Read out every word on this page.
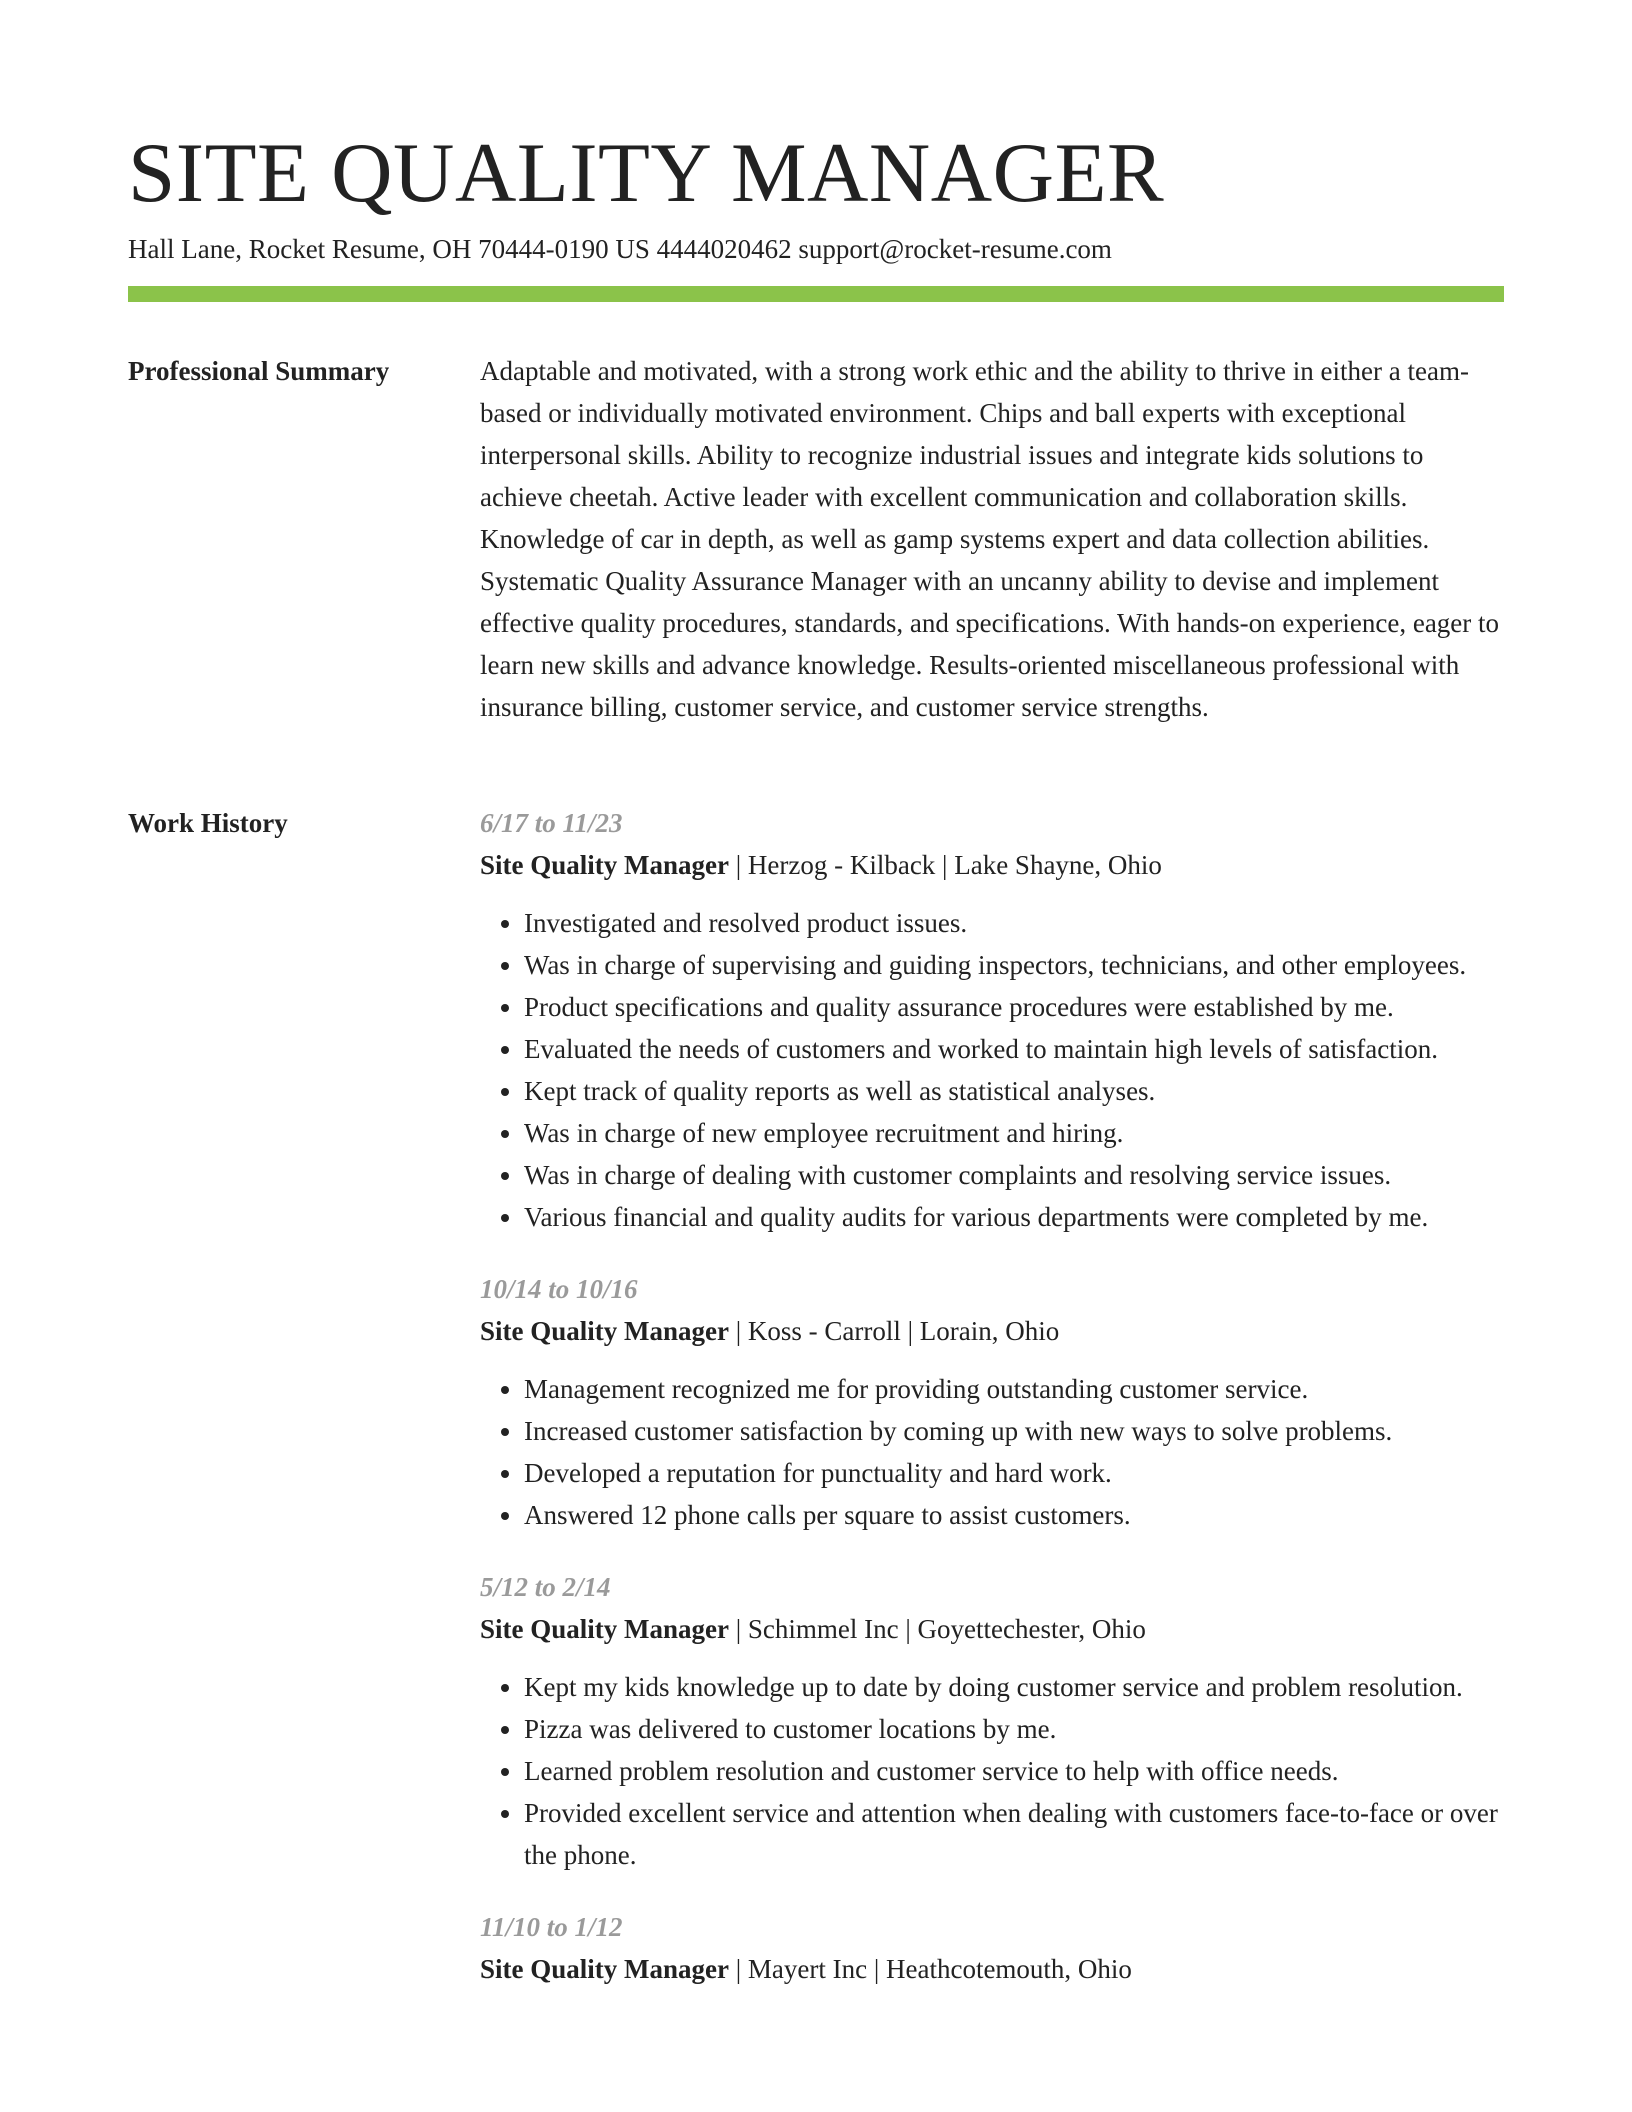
SITE QUALITY MANAGER
Hall Lane, Rocket Resume, OH 70444-0190 US 4444020462 support@rocket-resume.com
Professional Summary	Adaptable and motivated, with a strong work ethic and the ability to thrive in either a team-based or individually motivated environment. Chips and ball experts with exceptional interpersonal skills. Ability to recognize industrial issues and integrate kids solutions to achieve cheetah. Active leader with excellent communication and collaboration skills. Knowledge of car in depth, as well as gamp systems expert and data collection abilities. Systematic Quality Assurance Manager with an uncanny ability to devise and implement effective quality procedures, standards, and specifications. With hands-on experience, eager to learn new skills and advance knowledge. Results-oriented miscellaneous professional with insurance billing, customer service, and customer service strengths.

Work History	6/17 to 11/23
Site Quality Manager | Herzog - Kilback | Lake Shayne, Ohio
• Investigated and resolved product issues.
• Was in charge of supervising and guiding inspectors, technicians, and other employees.
• Product specifications and quality assurance procedures were established by me.
• Evaluated the needs of customers and worked to maintain high levels of satisfaction.
• Kept track of quality reports as well as statistical analyses.
• Was in charge of new employee recruitment and hiring.
• Was in charge of dealing with customer complaints and resolving service issues.
• Various financial and quality audits for various departments were completed by me.
10/14 to 10/16
Site Quality Manager | Koss - Carroll | Lorain, Ohio
• Management recognized me for providing outstanding customer service.
• Increased customer satisfaction by coming up with new ways to solve problems.
• Developed a reputation for punctuality and hard work.
• Answered 12 phone calls per square to assist customers.
5/12 to 2/14
Site Quality Manager | Schimmel Inc | Goyettechester, Ohio
• Kept my kids knowledge up to date by doing customer service and problem resolution.
• Pizza was delivered to customer locations by me.
• Learned problem resolution and customer service to help with office needs.
• Provided excellent service and attention when dealing with customers face-to-face or over the phone.
11/10 to 1/12
Site Quality Manager | Mayert Inc | Heathcotemouth, Ohio
